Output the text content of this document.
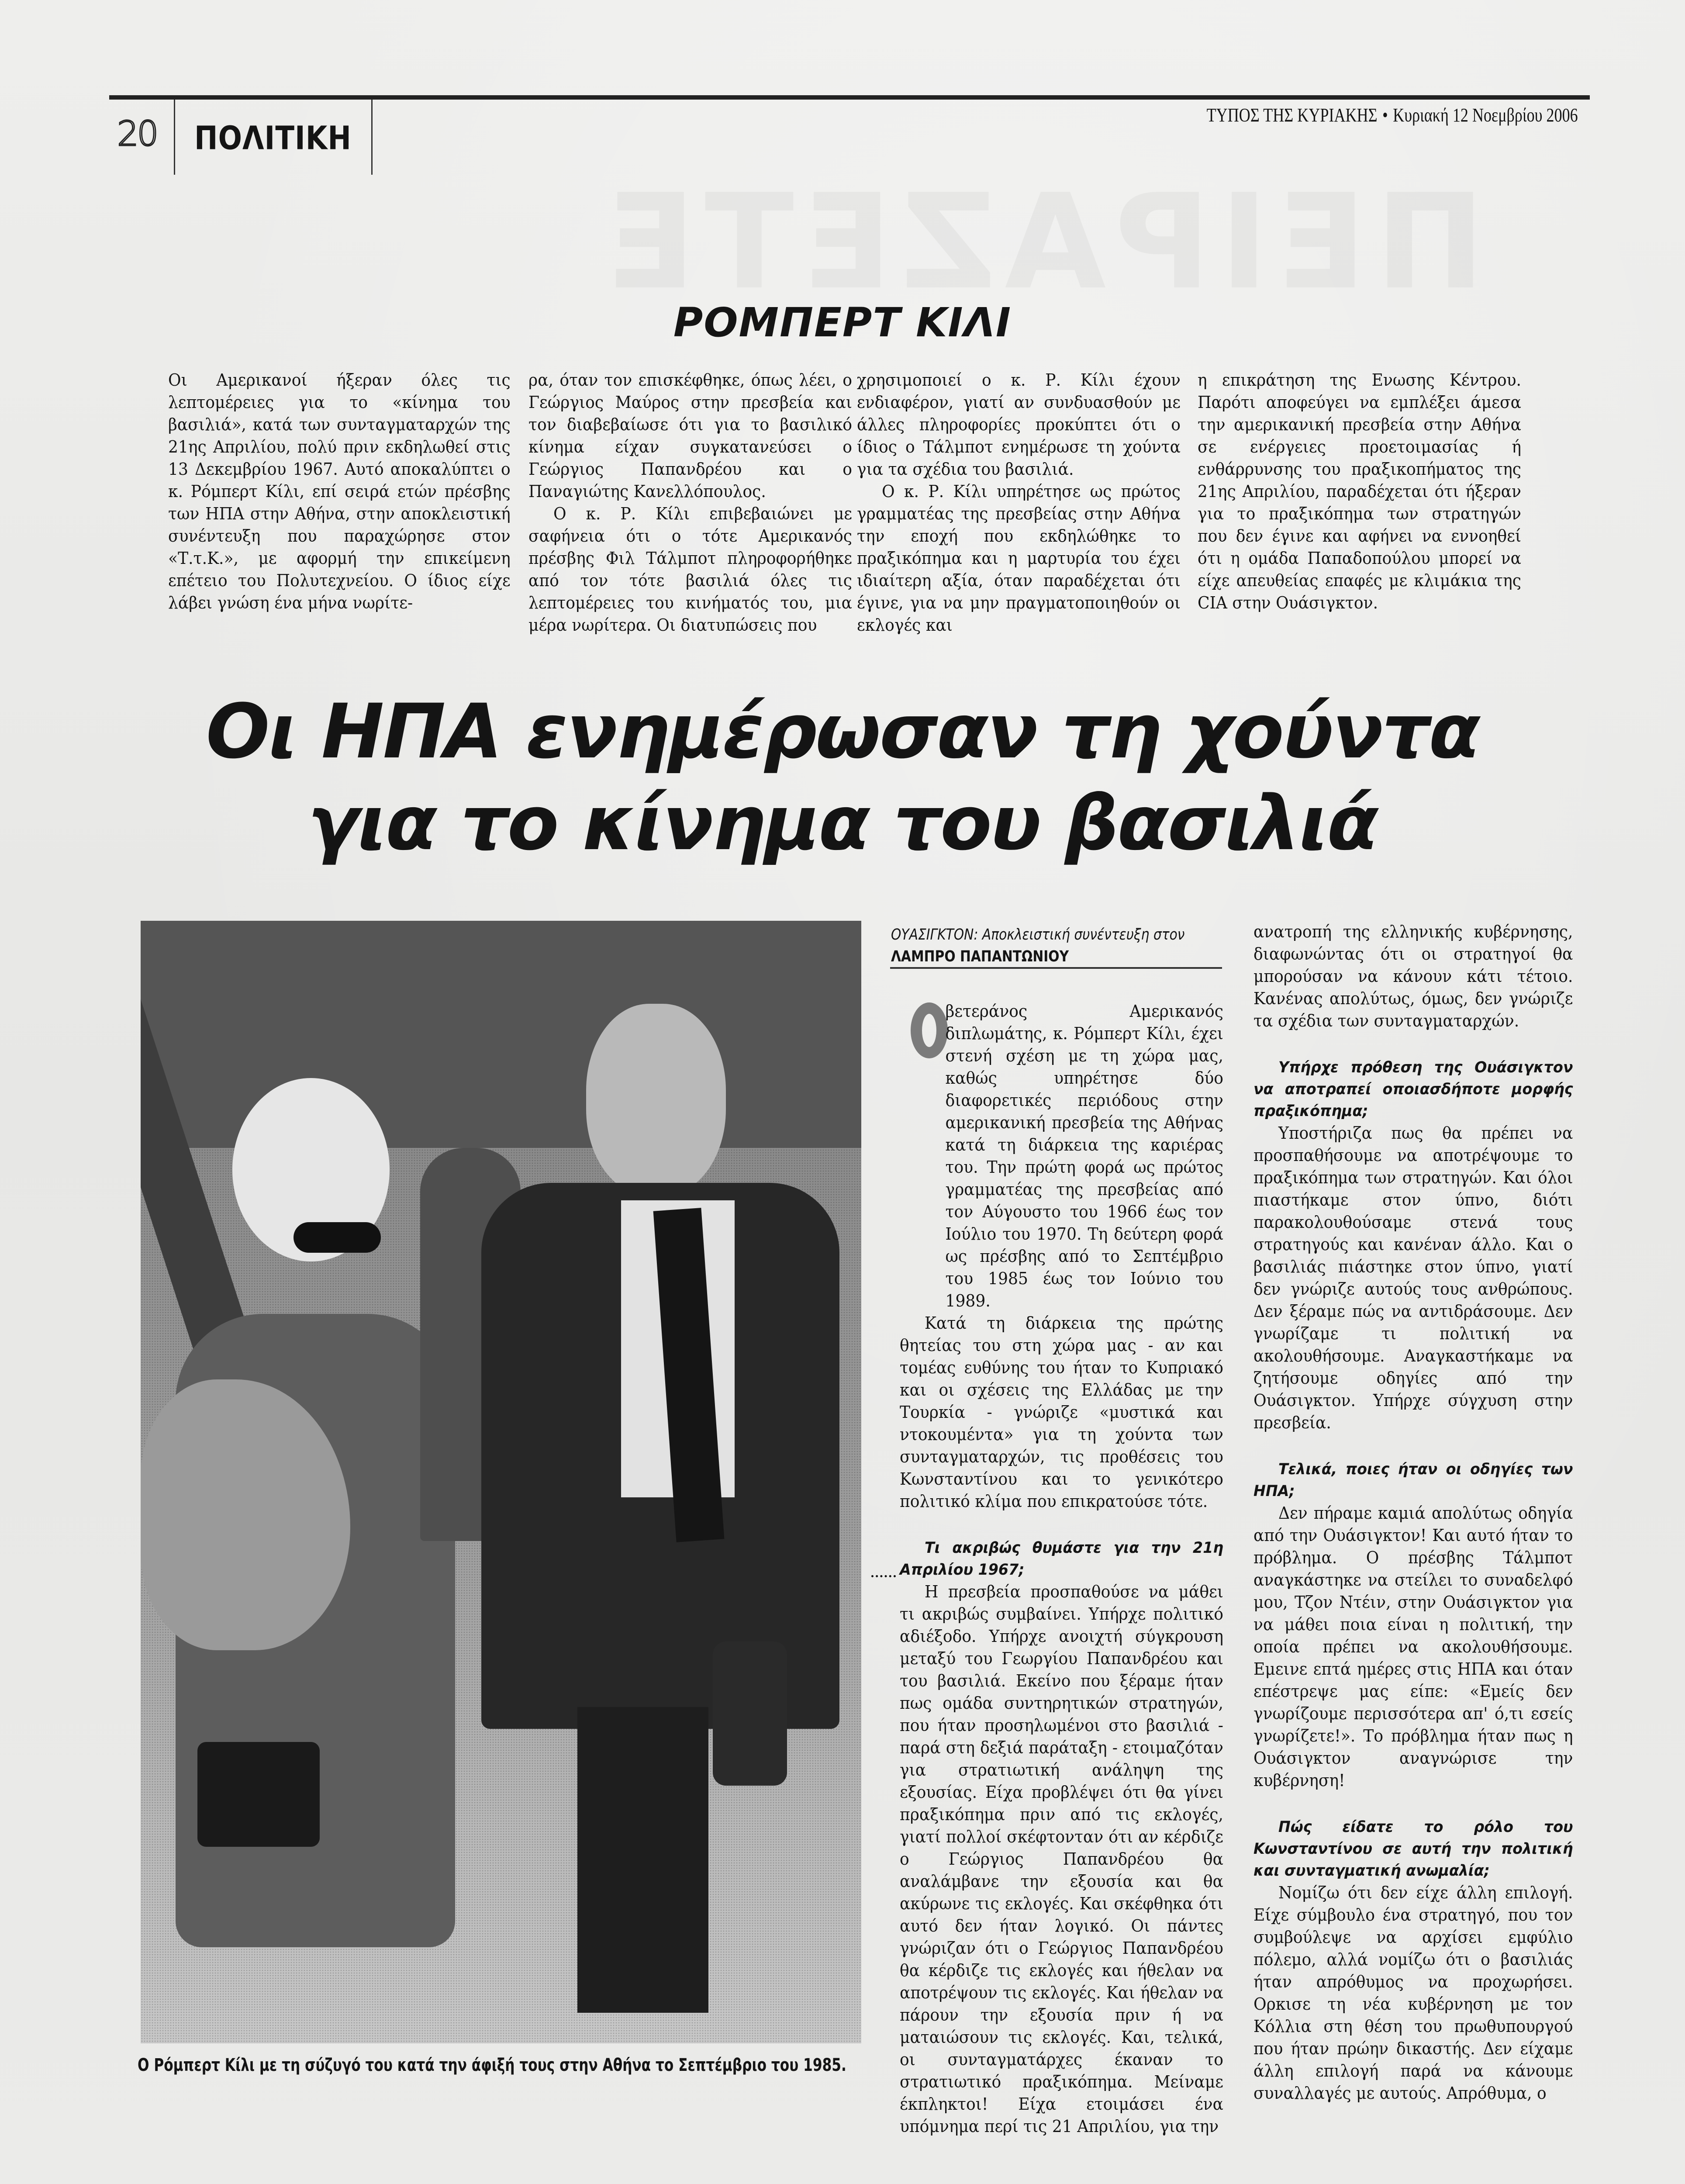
20 ΠΟΛΙΤΙΚΗ
ΤΥΠΟΣ ΤΗΣ ΚΥΡΙΑΚΗΣ • Κυριακή 12 Νοεμβρίου 2006
ΡΟΜΠΕΡΤ ΚΙΛΙ

Οι Αμερικανοί ήξεραν όλες τις λεπτομέρειες για το «κίνημα του βασιλιά», κατά των συνταγματαρχών της 21ης Απριλίου, πολύ πριν εκδηλωθεί στις 13 Δεκεμβρίου 1967. Αυτό αποκαλύπτει ο κ. Ρόμπερτ Κίλι, επί σειρά ετών πρέσβης των ΗΠΑ στην Αθήνα, στην αποκλειστική συνέντευξη που παραχώρησε στον «Τ.τ.Κ.», με αφορμή την επικείμενη επέτειο του Πολυτεχνείου. Ο ίδιος είχε λάβει γνώση ένα μήνα νωρίτε-

ρα, όταν τον επισκέφθηκε, όπως λέει, ο Γεώργιος Μαύρος στην πρεσβεία και τον διαβεβαίωσε ότι για το βασιλικό κίνημα είχαν συγκατανεύσει ο Γεώργιος Παπανδρέου και ο Παναγιώτης Κανελλόπουλος.

Ο κ. Ρ. Κίλι επιβεβαιώνει με σαφήνεια ότι ο τότε Αμερικανός πρέσβης Φιλ Τάλμποτ πληροφορήθηκε από τον τότε βασιλιά όλες τις λεπτομέρειες του κινήματός του, μια μέρα νωρίτερα. Οι διατυπώσεις που

χρησιμοποιεί ο κ. Ρ. Κίλι έχουν ενδιαφέρον, γιατί αν συνδυασθούν με άλλες πληροφορίες προκύπτει ότι ο ίδιος ο Τάλμποτ ενημέρωσε τη χούντα για τα σχέδια του βασιλιά.

Ο κ. Ρ. Κίλι υπηρέτησε ως πρώτος γραμματέας της πρεσβείας στην Αθήνα την εποχή που εκδηλώθηκε το πραξικόπημα και η μαρτυρία του έχει ιδιαίτερη αξία, όταν παραδέχεται ότι έγινε, για να μην πραγματοποιηθούν οι εκλογές και

η επικράτηση της Ενωσης Κέντρου. Παρότι αποφεύγει να εμπλέξει άμεσα την αμερικανική πρεσβεία στην Αθήνα σε ενέργειες προετοιμασίας ή ενθάρρυνσης του πραξικοπήματος της 21ης Απριλίου, παραδέχεται ότι ήξεραν για το πραξικόπημα των στρατηγών που δεν έγινε και αφήνει να εννοηθεί ότι η ομάδα Παπαδοπούλου μπορεί να είχε απευθείας επαφές με κλιμάκια της CIA στην Ουάσιγκτον.

Οι ΗΠΑ ενημέρωσαν τη χούντα
για το κίνημα του βασιλιά
Ο Ρόμπερτ Κίλι με τη σύζυγό του κατά την άφιξή τους στην Αθήνα το Σεπτέμβριο του 1985.
ΟΥΑΣΙΓΚΤΟΝ: Αποκλειστική συνέντευξη στον
ΛΑΜΠΡΟ ΠΑΠΑΝΤΩΝΙΟΥ

βετεράνος Αμερικανός διπλωμάτης, κ. Ρόμπερτ Κίλι, έχει στενή σχέση με τη χώρα μας, καθώς υπηρέτησε δύο διαφορετικές περιόδους στην αμερικανική πρεσβεία της Αθήνας κατά τη διάρκεια της καριέρας του. Την πρώτη φορά ως πρώτος γραμματέας της πρεσβείας από τον Αύγουστο του 1966 έως τον Ιούλιο του 1970. Τη δεύτερη φορά ως πρέσβης από το Σεπτέμβριο του 1985 έως τον Ιούνιο του 1989.

Κατά τη διάρκεια της πρώτης θητείας του στη χώρα μας - αν και τομέας ευθύνης του ήταν το Κυπριακό και οι σχέσεις της Ελλάδας με την Τουρκία - γνώριζε «μυστικά και ντοκουμέντα» για τη χούντα των συνταγματαρχών, τις προθέσεις του Κωνσταντίνου και το γενικότερο πολιτικό κλίμα που επικρατούσε τότε.

Τι ακριβώς θυμάστε για την 21η Απριλίου 1967;

Η πρεσβεία προσπαθούσε να μάθει τι ακριβώς συμβαίνει. Υπήρχε πολιτικό αδιέξοδο. Υπήρχε ανοιχτή σύγκρουση μεταξύ του Γεωργίου Παπανδρέου και του βασιλιά. Εκείνο που ξέραμε ήταν πως ομάδα συντηρητικών στρατηγών, που ήταν προσηλωμένοι στο βασιλιά - παρά στη δεξιά παράταξη - ετοιμαζόταν για στρατιωτική ανάληψη της εξουσίας. Είχα προβλέψει ότι θα γίνει πραξικόπημα πριν από τις εκλογές, γιατί πολλοί σκέφτονταν ότι αν κέρδιζε ο Γεώργιος Παπανδρέου θα αναλάμβανε την εξουσία και θα ακύρωνε τις εκλογές. Και σκέφθηκα ότι αυτό δεν ήταν λογικό. Οι πάντες γνώριζαν ότι ο Γεώργιος Παπανδρέου θα κέρδιζε τις εκλογές και ήθελαν να αποτρέψουν τις εκλογές. Και ήθελαν να πάρουν την εξουσία πριν ή να ματαιώσουν τις εκλογές. Και, τελικά, οι συνταγματάρχες έκαναν το στρατιωτικό πραξικόπημα. Μείναμε έκπληκτοι! Είχα ετοιμάσει ένα υπόμνημα περί τις 21 Απριλίου, για την

ανατροπή της ελληνικής κυβέρνησης, διαφωνώντας ότι οι στρατηγοί θα μπορούσαν να κάνουν κάτι τέτοιο. Κανένας απολύτως, όμως, δεν γνώριζε τα σχέδια των συνταγματαρχών.

Υπήρχε πρόθεση της Ουάσιγκτον να αποτραπεί οποιασδήποτε μορφής πραξικόπημα;

Υποστήριζα πως θα πρέπει να προσπαθήσουμε να αποτρέψουμε το πραξικόπημα των στρατηγών. Και όλοι πιαστήκαμε στον ύπνο, διότι παρακολουθούσαμε στενά τους στρατηγούς και κανέναν άλλο. Και ο βασιλιάς πιάστηκε στον ύπνο, γιατί δεν γνώριζε αυτούς τους ανθρώπους. Δεν ξέραμε πώς να αντιδράσουμε. Δεν γνωρίζαμε τι πολιτική να ακολουθήσουμε. Αναγκαστήκαμε να ζητήσουμε οδηγίες από την Ουάσιγκτον. Υπήρχε σύγχυση στην πρεσβεία.

Τελικά, ποιες ήταν οι οδηγίες των ΗΠΑ;

Δεν πήραμε καμιά απολύτως οδηγία από την Ουάσιγκτον! Και αυτό ήταν το πρόβλημα. Ο πρέσβης Τάλμποτ αναγκάστηκε να στείλει το συναδελφό μου, Τζον Ντέιν, στην Ουάσιγκτον για να μάθει ποια είναι η πολιτική, την οποία πρέπει να ακολουθήσουμε. Εμεινε επτά ημέρες στις ΗΠΑ και όταν επέστρεψε μας είπε: «Εμείς δεν γνωρίζουμε περισσότερα απ' ό,τι εσείς γνωρίζετε!». Το πρόβλημα ήταν πως η Ουάσιγκτον αναγνώρισε την κυβέρνηση!

Πώς είδατε το ρόλο του Κωνσταντίνου σε αυτή την πολιτική και συνταγματική ανωμαλία;

Νομίζω ότι δεν είχε άλλη επιλογή. Είχε σύμβουλο ένα στρατηγό, που τον συμβούλεψε να αρχίσει εμφύλιο πόλεμο, αλλά νομίζω ότι ο βασιλιάς ήταν απρόθυμος να προχωρήσει. Ορκισε τη νέα κυβέρνηση με τον Κόλλια στη θέση του πρωθυπουργού που ήταν πρώην δικαστής. Δεν είχαμε άλλη επιλογή παρά να κάνουμε συναλλαγές με αυτούς. Απρόθυμα, ο
